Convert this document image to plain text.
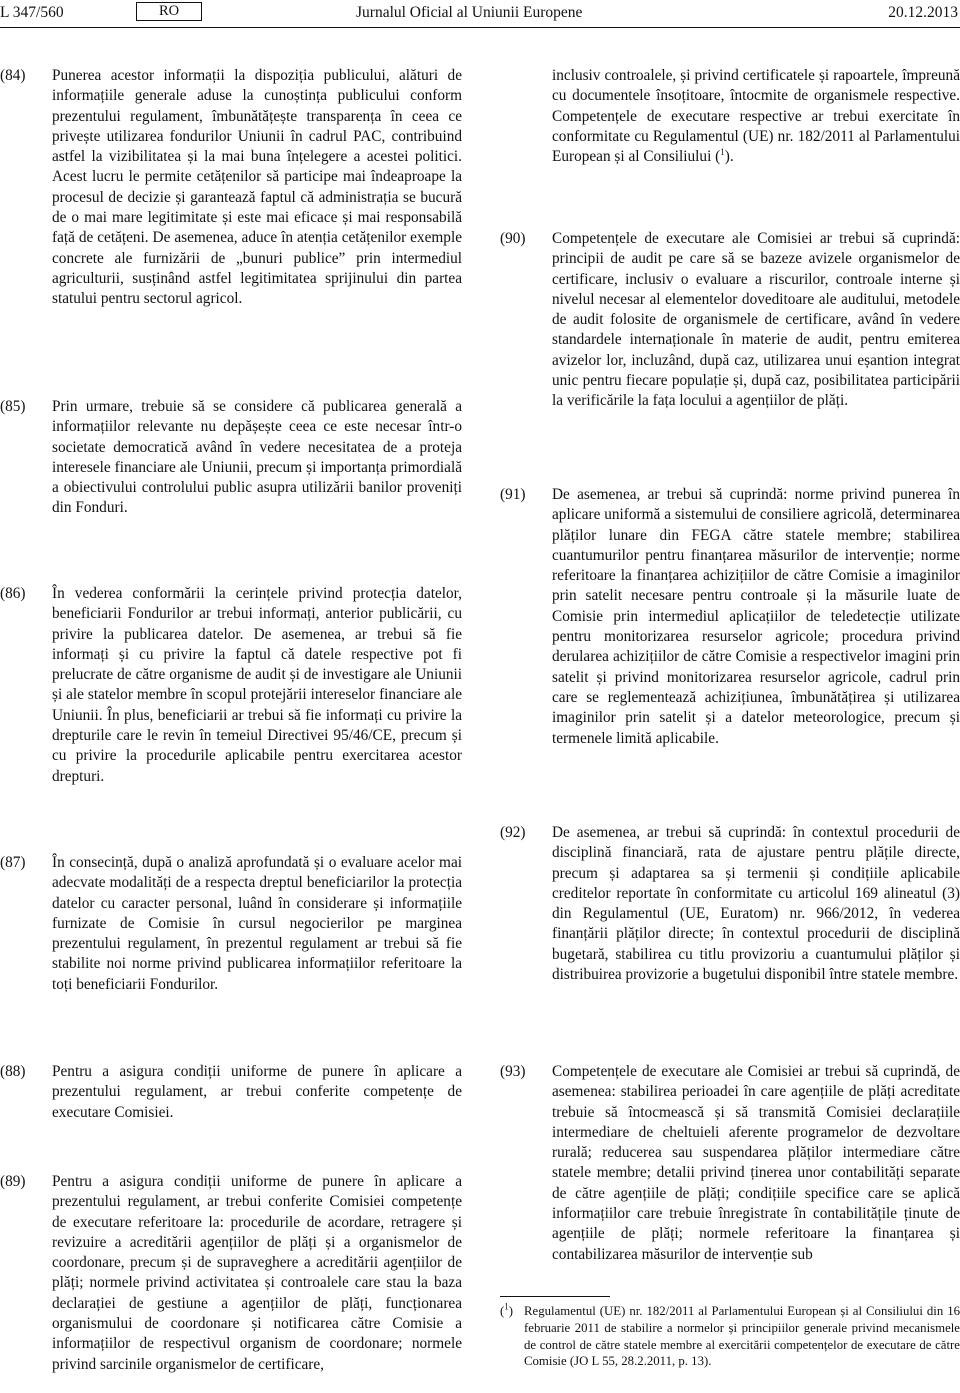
L 347/560	RO	Jurnalul Oficial al Uniunii Europene	20.12.2013
(84) Punerea acestor informații la dispoziția publicului, alături de informațiile generale aduse la cunoștința publicului conform prezentului regulament, îmbunătățește transparența în ceea ce privește utilizarea fondurilor Uniunii în cadrul PAC, contribuind astfel la vizibilitatea și la mai buna înțelegere a acestei politici. Acest lucru le permite cetățenilor să participe mai îndeaproape la procesul de decizie și garantează faptul că administrația se bucură de o mai mare legitimitate și este mai eficace și mai responsabilă față de cetățeni. De asemenea, aduce în atenția cetățenilor exemple concrete ale furnizării de „bunuri publice” prin intermediul agriculturii, susținând astfel legitimitatea sprijinului din partea statului pentru sectorul agricol.
(85) Prin urmare, trebuie să se considere că publicarea generală a informațiilor relevante nu depășește ceea ce este necesar într-o societate democratică având în vedere necesitatea de a proteja interesele financiare ale Uniunii, precum și importanța primordială a obiectivului controlului public asupra utilizării banilor proveniți din Fonduri.
(86) În vederea conformării la cerințele privind protecția datelor, beneficiarii Fondurilor ar trebui informați, anterior publicării, cu privire la publicarea datelor. De asemenea, ar trebui să fie informați și cu privire la faptul că datele respective pot fi prelucrate de către organisme de audit și de investigare ale Uniunii și ale statelor membre în scopul protejării intereselor financiare ale Uniunii. În plus, beneficiarii ar trebui să fie informați cu privire la drepturile care le revin în temeiul Directivei 95/46/CE, precum și cu privire la procedurile aplicabile pentru exercitarea acestor drepturi.
(87) În consecință, după o analiză aprofundată și o evaluare acelor mai adecvate modalități de a respecta dreptul beneficiarilor la protecția datelor cu caracter personal, luând în considerare și informațiile furnizate de Comisie în cursul negocierilor pe marginea prezentului regulament, în prezentul regulament ar trebui să fie stabilite noi norme privind publicarea informațiilor referitoare la toți beneficiarii Fondurilor.
(88) Pentru a asigura condiții uniforme de punere în aplicare a prezentului regulament, ar trebui conferite competențe de executare Comisiei.
(89) Pentru a asigura condiții uniforme de punere în aplicare a prezentului regulament, ar trebui conferite Comisiei competențe de executare referitoare la: procedurile de acordare, retragere și revizuire a acreditării agențiilor de plăți și a organismelor de coordonare, precum și de supraveghere a acreditării agențiilor de plăți; normele privind activitatea și controalele care stau la baza declarației de gestiune a agențiilor de plăți, funcționarea organismului de coordonare și notificarea către Comisie a informațiilor de respectivul organism de coordonare; normele privind sarcinile organismelor de certificare,
inclusiv controalele, și privind certificatele și rapoartele, împreună cu documentele însoțitoare, întocmite de organismele respective. Competențele de executare respective ar trebui exercitate în conformitate cu Regulamentul (UE) nr. 182/2011 al Parlamentului European și al Consiliului ($^1$).
(90) Competențele de executare ale Comisiei ar trebui să cuprindă: principii de audit pe care să se bazeze avizele organismelor de certificare, inclusiv o evaluare a riscurilor, controale interne și nivelul necesar al elementelor doveditoare ale auditului, metodele de audit folosite de organismele de certificare, având în vedere standardele internaționale în materie de audit, pentru emiterea avizelor lor, incluzând, după caz, utilizarea unui eșantion integrat unic pentru fiecare populație și, după caz, posibilitatea participării la verificările la fața locului a agențiilor de plăți.
(91) De asemenea, ar trebui să cuprindă: norme privind punerea în aplicare uniformă a sistemului de consiliere agricolă, determinarea plăților lunare din FEGA către statele membre; stabilirea cuantumurilor pentru finanțarea măsurilor de intervenție; norme referitoare la finanțarea achizițiilor de către Comisie a imaginilor prin satelit necesare pentru controale și la măsurile luate de Comisie prin intermediul aplicațiilor de teledetecție utilizate pentru monitorizarea resurselor agricole; procedura privind derularea achizițiilor de către Comisie a respectivelor imagini prin satelit și privind monitorizarea resurselor agricole, cadrul prin care se reglementează achizițiunea, îmbunătățirea și utilizarea imaginilor prin satelit și a datelor meteorologice, precum și termenele limită aplicabile.
(92) De asemenea, ar trebui să cuprindă: în contextul procedurii de disciplină financiară, rata de ajustare pentru plățile directe, precum și adaptarea sa și termenii și condițiile aplicabile creditelor reportate în conformitate cu articolul 169 alineatul (3) din Regulamentul (UE, Euratom) nr. 966/2012, în vederea finanțării plăților directe; în contextul procedurii de disciplină bugetară, stabilirea cu titlu provizoriu a cuantumului plăților și distribuirea provizorie a bugetului disponibil între statele membre.
(93) Competențele de executare ale Comisiei ar trebui să cuprindă, de asemenea: stabilirea perioadei în care agențiile de plăți acreditate trebuie să întocmească și să transmită Comisiei declarațiile intermediare de cheltuieli aferente programelor de dezvoltare rurală; reducerea sau suspendarea plăților intermediare către statele membre; detalii privind ținerea unor contabilități separate de către agențiile de plăți; condițiile specifice care se aplică informațiilor care trebuie înregistrate în contabilitățile ținute de agențiile de plăți; normele referitoare la finanțarea și contabilizarea măsurilor de intervenție sub
($^1$) Regulamentul (UE) nr. 182/2011 al Parlamentului European și al Consiliului din 16 februarie 2011 de stabilire a normelor și principiilor generale privind mecanismele de control de către statele membre al exercitării competențelor de executare de către Comisie (JO L 55, 28.2.2011, p. 13).
